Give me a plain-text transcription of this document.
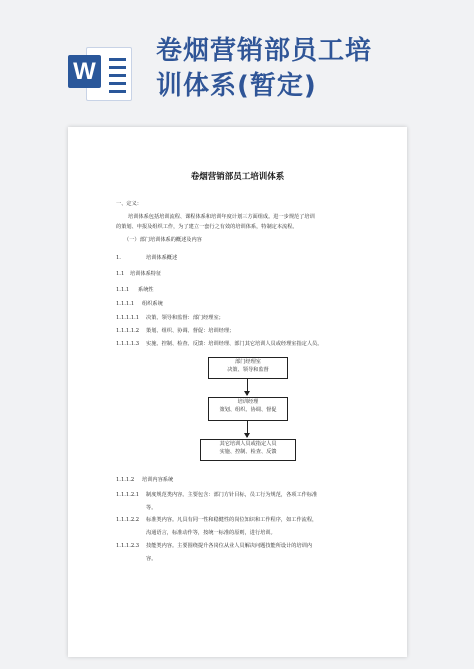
W
卷烟营销部员工培
训体系(暂定)
卷烟营销部员工培训体系
一、定义：
培训体系包括培训流程、课程体系和培训年度计划三方面组成。进一步规范了培训
的策划、申报及组织工作，为了建立一套行之有效的培训体系，特制定本流程。
（一）部门培训体系的概述及内容
1.	培训体系概述
1.1 培训体系特征
1.1.1 系统性
1.1.1.1 组织系统
1.1.1.1.1 决策、领导和监督：部门经理室；
1.1.1.1.2 策划、组织、协调、督促：培训经理；
1.1.1.1.3 实施、控制、检查、反馈：培训经理、部门其它培训人员或经理室指定人员。
部门经理室
决策、领导和监督
培训经理
策划、组织、协调、督促
其它培训人员或指定人员
实施、控制、检查、反馈
1.1.1.2 培训内容系统
1.1.1.2.1 制度规范类内容。主要包含：部门方针目标，员工行为规范，各项工作标准
等。
1.1.1.2.2 标准类内容。凡具有同一性和稳健性的岗位知识和工作程序，如工作流程，
沟通语言，标准动作等，按统一标准的原则，进行培训。
1.1.1.2.3 技能类内容。主要围绕提升各岗位从业人员解决问题技能所设计的培训内
容。
